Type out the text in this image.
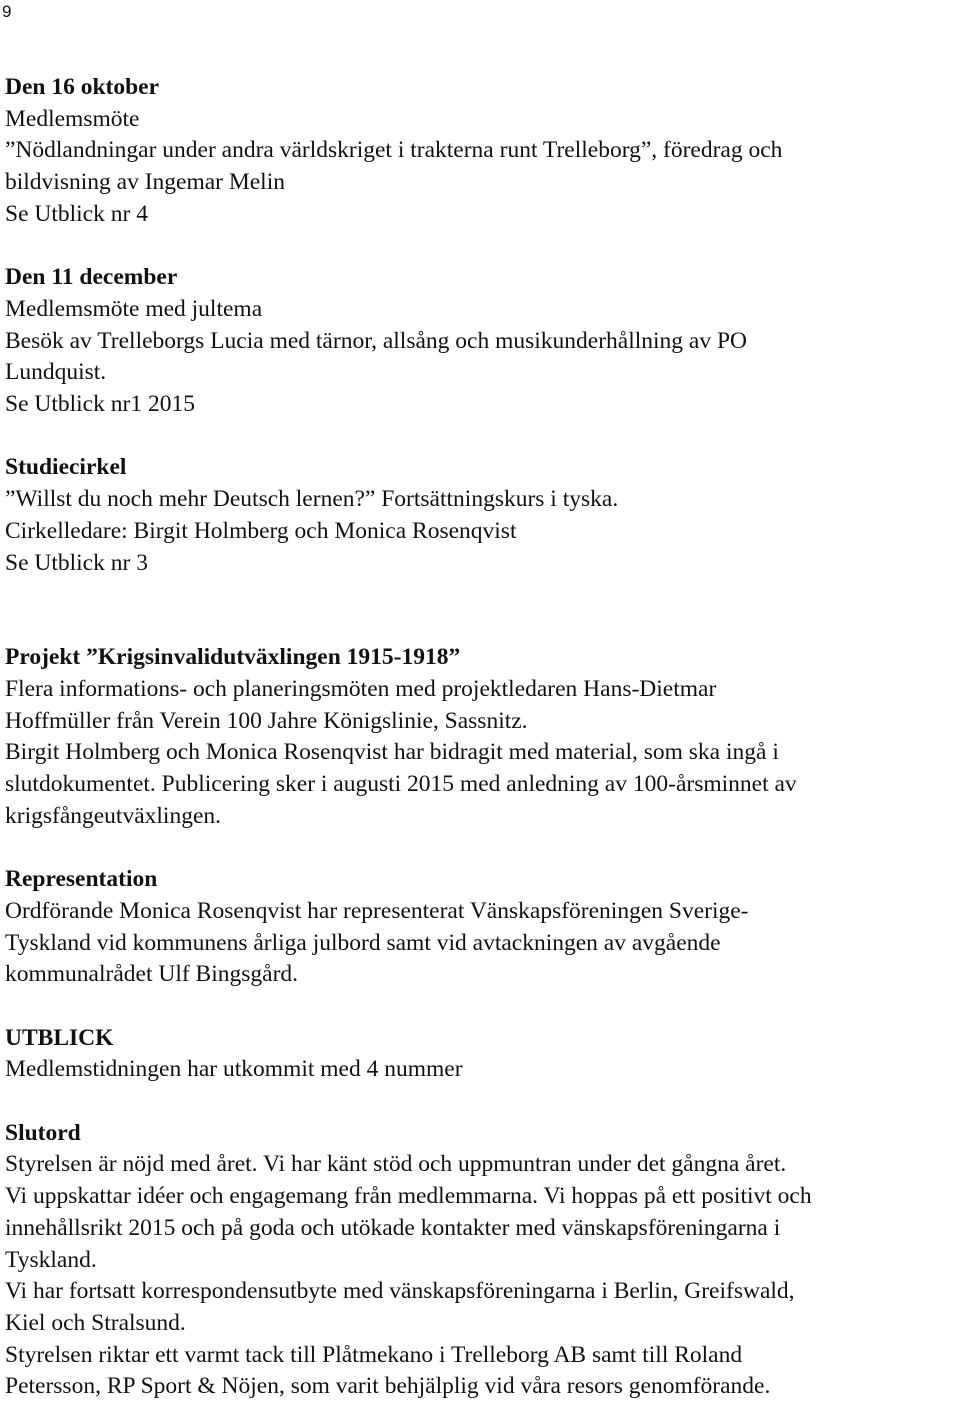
9
Den 16 oktober
Medlemsmöte
”Nödlandningar under andra världskriget i trakterna runt Trelleborg”, föredrag och
bildvisning av Ingemar Melin
Se Utblick nr 4
Den 11 december
Medlemsmöte med jultema
Besök av Trelleborgs Lucia med tärnor, allsång och musikunderhållning av PO
Lundquist.
Se Utblick nr1 2015
Studiecirkel
”Willst du noch mehr Deutsch lernen?” Fortsättningskurs i tyska.
Cirkelledare: Birgit Holmberg och Monica Rosenqvist
Se Utblick nr 3
Projekt ”Krigsinvalidutväxlingen 1915-1918”
Flera informations- och planeringsmöten med projektledaren Hans-Dietmar
Hoffmüller från Verein 100 Jahre Königslinie, Sassnitz.
Birgit Holmberg och Monica Rosenqvist har bidragit med material, som ska ingå i
slutdokumentet. Publicering sker i augusti 2015 med anledning av 100-årsminnet av
krigsfångeutväxlingen.
Representation
Ordförande Monica Rosenqvist har representerat Vänskapsföreningen Sverige-
Tyskland vid kommunens årliga julbord samt vid avtackningen av avgående
kommunalrådet Ulf Bingsgård.
UTBLICK
Medlemstidningen har utkommit med 4 nummer
Slutord
Styrelsen är nöjd med året. Vi har känt stöd och uppmuntran under det gångna året.
Vi uppskattar idéer och engagemang från medlemmarna. Vi hoppas på ett positivt och
innehållsrikt 2015 och på goda och utökade kontakter med vänskapsföreningarna i
Tyskland.
Vi har fortsatt korrespondensutbyte med vänskapsföreningarna i Berlin, Greifswald,
Kiel och Stralsund.
Styrelsen riktar ett varmt tack till Plåtmekano i Trelleborg AB samt till Roland
Petersson, RP Sport & Nöjen, som varit behjälplig vid våra resors genomförande.
